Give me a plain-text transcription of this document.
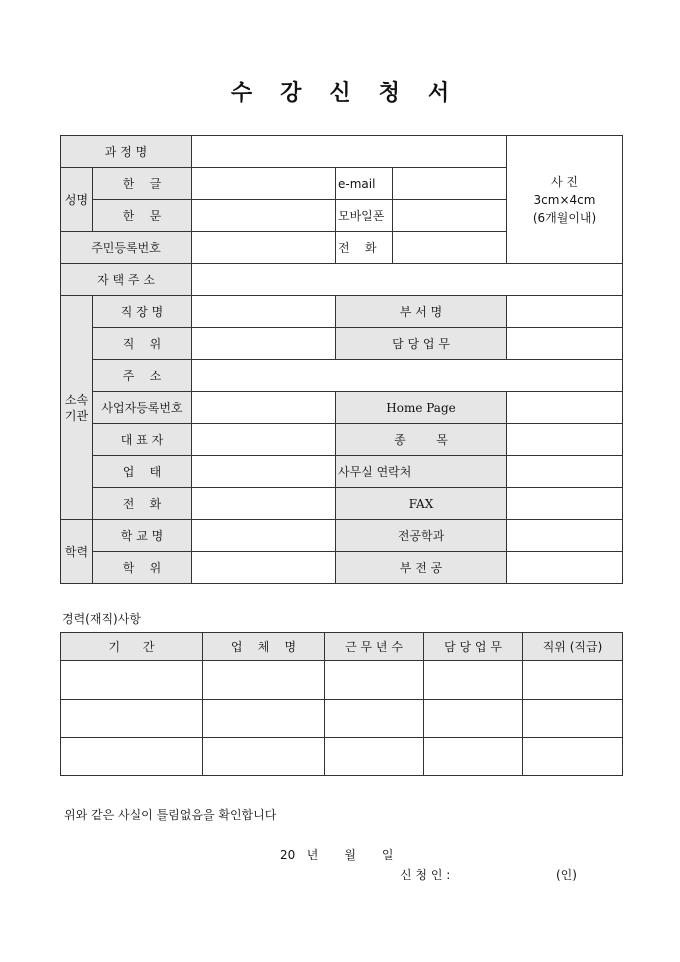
수 강 신 청 서
과 정 명					사 진
3cm×4cm
(6개월이내)

성명	한    글		e-mail		
	한    문		모바일폰		
주민등록번호			전    화		
자 택 주 소					
소속
기관	직 장 명		부 서 명		
	직    위		담 당 업 무		
	주    소				
	사업자등록번호		Home Page		
	대 표 자		종        목		
	업    태		사무실 연락처		
	전    화		FAX		
학력	학 교 명		전공학과		
	학    위		부 전 공		
경력(재직)사항
기      간	업    체    명	근 무 년 수	담 당 업 무	직위 (직급)

위와 같은 사실이 틀림없음을 확인합니다
20   년 월 일
신 청 인 :	(인)
